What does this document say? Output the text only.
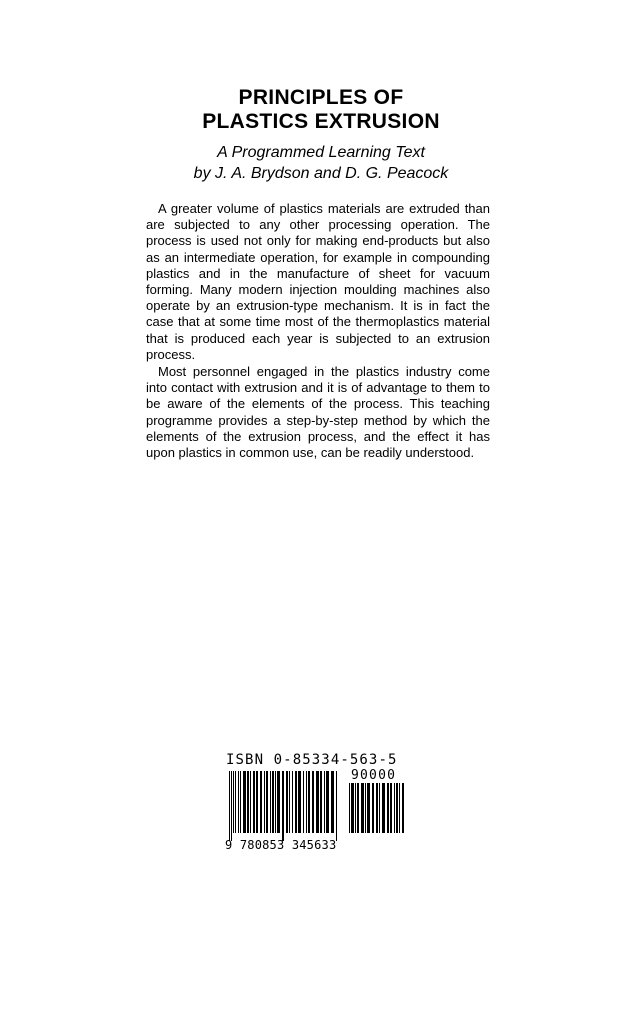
PRINCIPLES OF
PLASTICS EXTRUSION
A Programmed Learning Text
by J. A. Brydson and D. G. Peacock

A greater volume of plastics materials are extruded than are subjected to any other processing operation. The process is used not only for making end-products but also as an intermediate operation, for example in compounding plastics and in the manufacture of sheet for vacuum forming. Many modern injection moulding machines also operate by an extrusion-type mechanism. It is in fact the case that at some time most of the thermoplastics material that is produced each year is subjected to an extrusion process.

Most personnel engaged in the plastics industry come into contact with extrusion and it is of advantage to them to be aware of the elements of the process. This teaching programme provides a step-by-step method by which the elements of the extrusion process, and the effect it has upon plastics in common use, can be readily understood.

ISBN 0-85334-563-5
9 780853 345633
90000
